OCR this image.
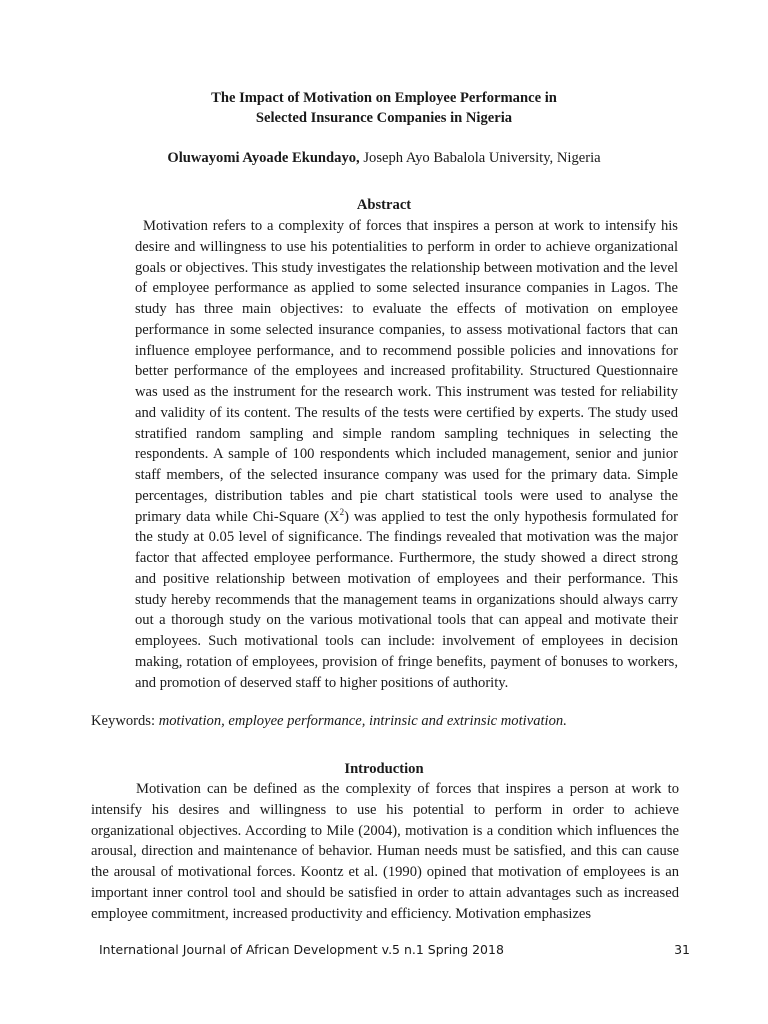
The Impact of Motivation on Employee Performance in
Selected Insurance Companies in Nigeria
Oluwayomi Ayoade Ekundayo, Joseph Ayo Babalola University, Nigeria
Abstract

Motivation refers to a complexity of forces that inspires a person at work to intensify his desire and willingness to use his potentialities to perform in order to achieve organizational goals or objectives. This study investigates the relationship between motivation and the level of employee performance as applied to some selected insurance companies in Lagos. The study has three main objectives: to evaluate the effects of motivation on employee performance in some selected insurance companies, to assess motivational factors that can influence employee performance, and to recommend possible policies and innovations for better performance of the employees and increased profitability. Structured Questionnaire was used as the instrument for the research work. This instrument was tested for reliability and validity of its content. The results of the tests were certified by experts. The study used stratified random sampling and simple random sampling techniques in selecting the respondents. A sample of 100 respondents which included management, senior and junior staff members, of the selected insurance company was used for the primary data. Simple percentages, distribution tables and pie chart statistical tools were used to analyse the primary data while Chi-Square $(X^2)$ was applied to test the only hypothesis formulated for the study at 0.05 level of significance. The findings revealed that motivation was the major factor that affected employee performance. Furthermore, the study showed a direct strong and positive relationship between motivation of employees and their performance. This study hereby recommends that the management teams in organizations should always carry out a thorough study on the various motivational tools that can appeal and motivate their employees. Such motivational tools can include: involvement of employees in decision making, rotation of employees, provision of fringe benefits, payment of bonuses to workers, and promotion of deserved staff to higher positions of authority.

Keywords: motivation, employee performance, intrinsic and extrinsic motivation.
Introduction

Motivation can be defined as the complexity of forces that inspires a person at work to intensify his desires and willingness to use his potential to perform in order to achieve organizational objectives. According to Mile (2004), motivation is a condition which influences the arousal, direction and maintenance of behavior. Human needs must be satisfied, and this can cause the arousal of motivational forces. Koontz et al. (1990) opined that motivation of employees is an important inner control tool and should be satisfied in order to attain advantages such as increased employee commitment, increased productivity and efficiency. Motivation emphasizes

International Journal of African Development v.5 n.1 Spring 2018	31
